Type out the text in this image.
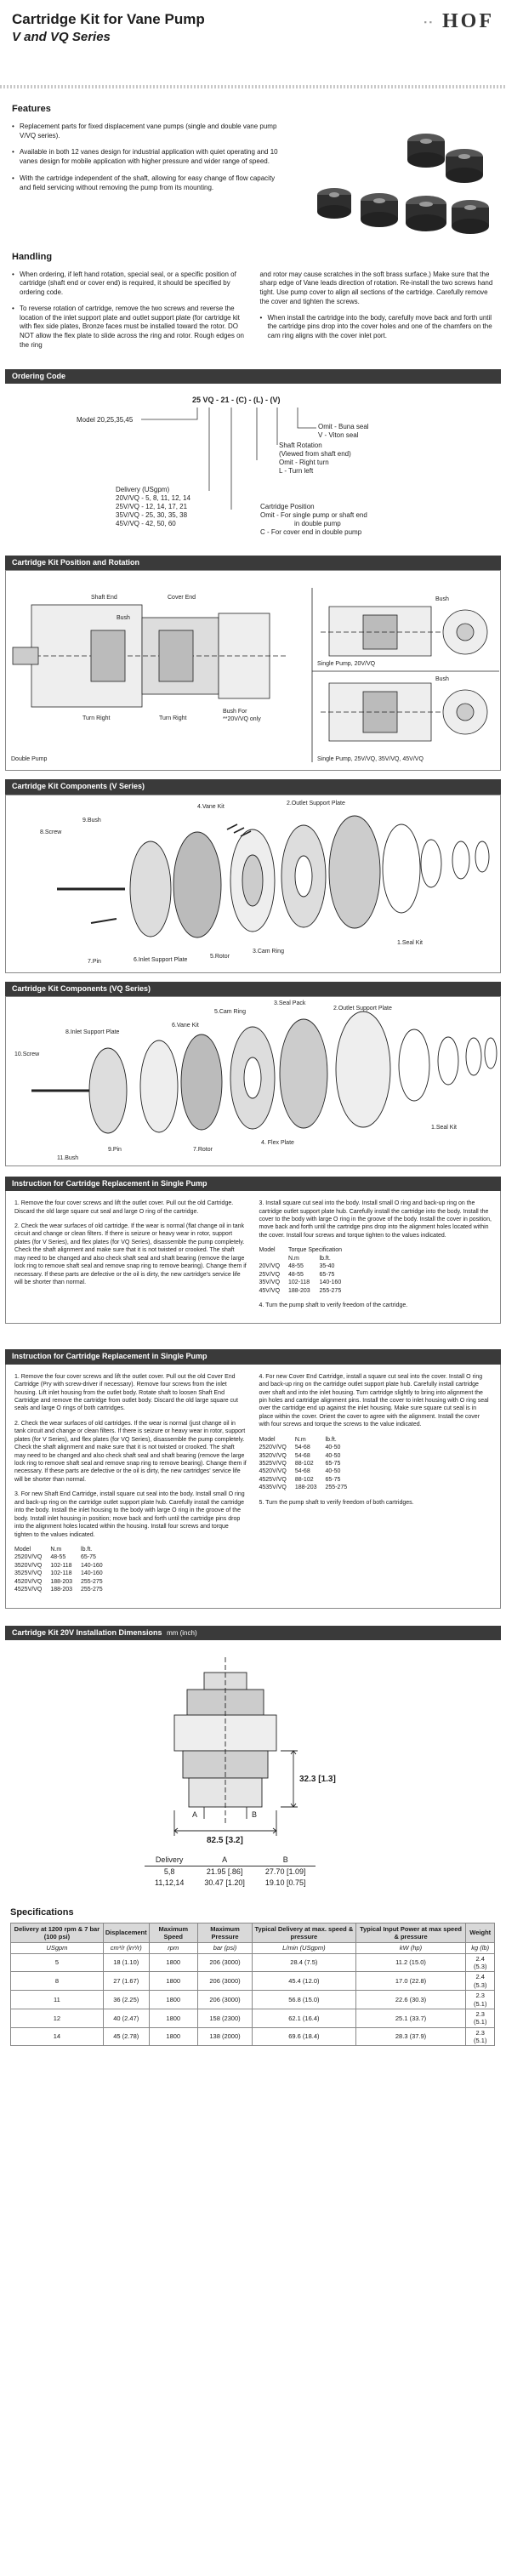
Cartridge Kit for Vane Pump
V and VQ Series
▪▪ HOF
Features
• Replacement parts for fixed displacement vane pumps (single and double vane pump V/VQ series).
• Available in both 12 vanes design for industrial application with quiet operating and 10 vanes design for mobile application with higher pressure and wider range of speed.
• With the cartridge independent of the shaft, allowing for easy change of flow capacity and field servicing without removing the pump from its mounting.
Handling
• When ordering, if left hand rotation, special seal, or a specific position of cartridge (shaft end or cover end) is required, it should be specified by ordering code.
• To reverse rotation of cartridge, remove the two screws and reverse the location of the inlet support plate and outlet support plate (for cartridge kit with flex side plates, Bronze faces must be installed toward the rotor. DO NOT allow the flex plate to slide across the ring and rotor. Rough edges on the ring

and rotor may cause scratches in the soft brass surface.) Make sure that the sharp edge of Vane leads direction of rotation. Re-install the two screws hand tight. Use pump cover to align all sections of the cartridge. Carefully remove the cover and tighten the screws.

• When install the cartridge into the body, carefully move back and forth until the cartridge pins drop into the cover holes and one of the chamfers on the cam ring aligns with the cover inlet port.
Ordering Code
25 VQ - 21 - (C) - (L) - (V)
Model 20,25,35,45
Omit - Buna seal
V - Viton seal
Shaft Rotation
(Viewed from shaft end)
Omit - Right turn
L - Turn left
Delivery (USgpm)
20V/VQ - 5, 8, 11, 12, 14
25V/VQ - 12, 14, 17, 21
35V/VQ - 25, 30, 35, 38
45V/VQ - 42, 50, 60
Cartridge Position
Omit - For single pump or shaft end
in double pump
C - For cover end in double pump
Cartridge Kit Position and Rotation
Shaft End	Cover End
Bush
Turn Right	Turn Right
Bush For **20V/VQ only
Double Pump
Bush
Single Pump, 20V/VQ
Bush
Single Pump, 25V/VQ, 35V/VQ, 45V/VQ
Cartridge Kit Components (V Series)
8.Screw
9.Bush
4.Vane Kit
2.Outlet Support Plate
1.Seal Kit
3.Cam Ring
5.Rotor
6.Inlet Support Plate
7.Pin
Cartridge Kit Components (VQ Series)
10.Screw
8.Inlet Support Plate
6.Vane Kit
5.Cam Ring
3.Seal Pack
2.Outlet Support Plate
1.Seal Kit
4. Flex Plate
7.Rotor
9.Pin
11.Bush
Instruction for Cartridge Replacement in Single Pump

1. Remove the four cover screws and lift the outlet cover. Pull out the old Cartridge. Discard the old large square cut seal and large O ring of the cartridge.

2. Check the wear surfaces of old cartridge. If the wear is normal (flat change oil in tank circuit and change or clean filters. If there is seizure or heavy wear in rotor, support plates (for V Series), and flex plates (for VQ Series), disassemble the pump completely. Check the shaft alignment and make sure that it is not twisted or crooked. The shaft may need to be changed and also check shaft seal and shaft bearing (remove the large lock ring to remove shaft seal and remove snap ring to remove bearing). Change them if necessary. If these parts are defective or the oil is dirty, the new cartridge's service life will be shorter than normal.

3. Install square cut seal into the body. Install small O ring and back-up ring on the cartridge outlet support plate hub. Carefully install the cartridge into the body. Install the cover to the body with large O ring in the groove of the body. Install the cover in position, move back and forth until the cartridge pins drop into the alignment holes located within the cover. Install four screws and torque tighten to the values indicated.

Model	Torque Specification	
	N.m	lb.ft.
20V/VQ	48-55	35-40
25V/VQ	48-55	65-75
35V/VQ	102-118	140-160
45V/VQ	188-203	255-275

4. Turn the pump shaft to verify freedom of the cartridge.

Instruction for Cartridge Replacement in Single Pump

1. Remove the four cover screws and lift the outlet cover. Pull out the old Cover End Cartridge (Pry with screw-driver if necessary). Remove four screws from the inlet housing. Lift inlet housing from the outlet body. Rotate shaft to loosen Shaft End Cartridge and remove the cartridge from outlet body. Discard the old large square cut seals and large O rings of both cartridges.

2. Check the wear surfaces of old cartridges. If the wear is normal (just change oil in tank circuit and change or clean filters. If there is seizure or heavy wear in rotor, support plates (for V Series), and flex plates (for VQ Series), disassemble the pump completely. Check the shaft alignment and make sure that it is not twisted or crooked. The shaft may need to be changed and also check shaft seal and shaft bearing (remove the large lock ring to remove shaft seal and remove snap ring to remove bearing). Change them if necessary. If these parts are defective or the oil is dirty, the new cartridges' service life will be shorter than normal.

3. For new Shaft End Cartridge, install square cut seal into the body. Install small O ring and back-up ring on the cartridge outlet support plate hub. Carefully install the cartridge into the body. Install the inlet housing to the body with large O ring in the groove of the body. Install inlet housing in position; move back and forth until the cartridge pins drop into the alignment holes located within the housing. Install four screws and torque tighten to the values indicated.

Model	N.m	lb.ft.
2520V/VQ	48-55	65-75
3520V/VQ	102-118	140-160
3525V/VQ	102-118	140-160
4520V/VQ	188-203	255-275
4525V/VQ	188-203	255-275

4. For new Cover End Cartridge, install a square cut seal into the cover. Install O ring and back-up ring on the cartridge outlet support plate hub. Carefully install cartridge over shaft and into the inlet housing. Turn cartridge slightly to bring into alignment the pin holes and cartridge alignment pins. Install the cover to inlet housing with O ring seal over the cartridge end up against the inlet housing. Make sure square cut seal is in place within the cover. Orient the cover to agree with the alignment. Install the cover with four screws and torque the screws to the value indicated.

Model	N.m	lb.ft.
2520V/VQ	54-68	40-50
3520V/VQ	54-68	40-50
3525V/VQ	88-102	65-75
4520V/VQ	54-68	40-50
4525V/VQ	88-102	65-75
4535V/VQ	188-203	255-275

5. Turn the pump shaft to verify freedom of both cartridges.

Cartridge Kit 20V Installation Dimensions mm (inch)
32.3 [1.3]
82.5 [3.2]
A	B
Delivery	A	B
5,8	21.95 [.86]	27.70 [1.09]
11,12,14	30.47 [1.20]	19.10 [0.75]
Specifications
Delivery at 1200 rpm & 7 bar (100 psi)	Displacement	Maximum Speed	Maximum Pressure	Typical Delivery at max. speed & pressure	Typical Input Power at max speed & pressure	Weight
USgpm	cm³/r (in³/r)	rpm	bar (psi)	L/min (USgpm)	kW (hp)	kg (lb)
5	18 (1.10)	1800	206 (3000)	28.4 (7.5)	11.2 (15.0)	2.4 (5.3)
8	27 (1.67)	1800	206 (3000)	45.4 (12.0)	17.0 (22.8)	2.4 (5.3)
11	36 (2.25)	1800	206 (3000)	56.8 (15.0)	22.6 (30.3)	2.3 (5.1)
12	40 (2.47)	1800	158 (2300)	62.1 (16.4)	25.1 (33.7)	2.3 (5.1)
14	45 (2.78)	1800	138 (2000)	69.6 (18.4)	28.3 (37.9)	2.3 (5.1)
